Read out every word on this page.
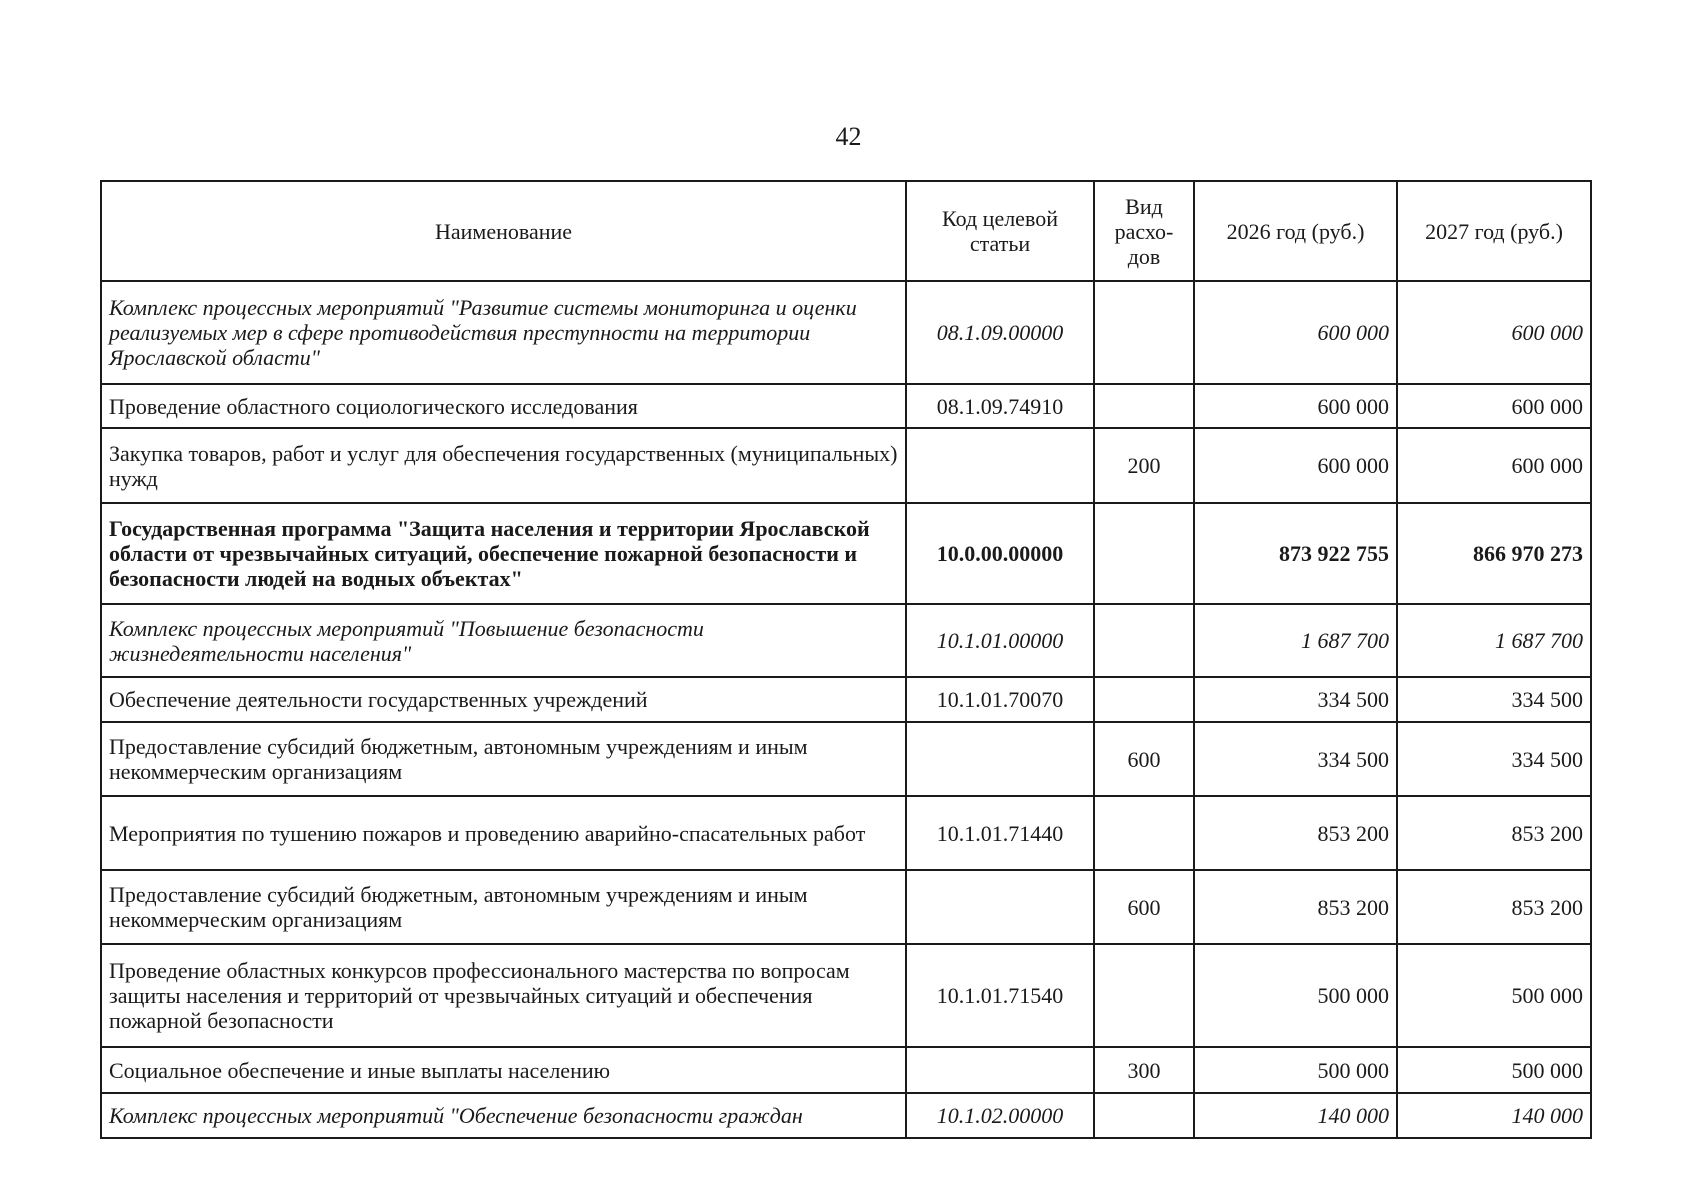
42
Наименование	Код целевой статьи	Вид расхо-дов	2026 год (руб.)	2027 год (руб.)
Комплекс процессных мероприятий "Развитие системы мониторинга и оценки реализуемых мер в сфере противодействия преступности на территории Ярославской области"	08.1.09.00000		600 000	600 000
Проведение областного социологического исследования	08.1.09.74910		600 000	600 000
Закупка товаров, работ и услуг для обеспечения государственных (муниципальных) нужд		200	600 000	600 000
Государственная программа "Защита населения и территории Ярославской области от чрезвычайных ситуаций, обеспечение пожарной безопасности и безопасности людей на водных объектах"	10.0.00.00000		873 922 755	866 970 273
Комплекс процессных мероприятий "Повышение безопасности жизнедеятельности населения"	10.1.01.00000		1 687 700	1 687 700
Обеспечение деятельности государственных учреждений	10.1.01.70070		334 500	334 500
Предоставление субсидий бюджетным, автономным учреждениям и иным некоммерческим организациям		600	334 500	334 500
Мероприятия по тушению пожаров и проведению аварийно-спасательных работ	10.1.01.71440		853 200	853 200
Предоставление субсидий бюджетным, автономным учреждениям и иным некоммерческим организациям		600	853 200	853 200
Проведение областных конкурсов профессионального мастерства по вопросам защиты населения и территорий от чрезвычайных ситуаций и обеспечения пожарной безопасности	10.1.01.71540		500 000	500 000
Социальное обеспечение и иные выплаты населению		300	500 000	500 000
Комплекс процессных мероприятий "Обеспечение безопасности граждан	10.1.02.00000		140 000	140 000
